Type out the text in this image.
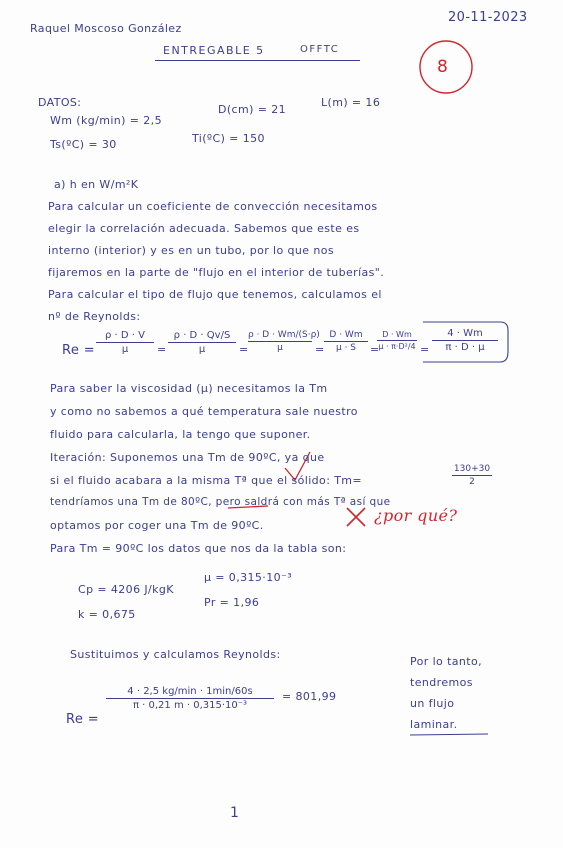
Raquel Moscoso González
20-11-2023
ENTREGABLE 5	OFFTC
8
DATOS:
Wm (kg/min) = 2,5
D(cm) = 21
L(m) = 16
Ts(ºC) = 30	Ti(ºC) = 150
a) h en W/m²K
Para calcular un coeficiente de convección necesitamos
elegir la correlación adecuada. Sabemos que este es
interno (interior) y es en un tubo, por lo que nos
fijaremos en la parte de "flujo en el interior de tuberías".
Para calcular el tipo de flujo que tenemos, calculamos el
nº de Reynolds:
Re =
ρ · D · V
μ	=
ρ · D · Qv/S
μ	=
ρ · D · Wm/(S·ρ)
μ	=
D · Wm
μ · S	=
D · Wm
μ · π·D²/4 =
4 · Wm
π · D · μ
Para saber la viscosidad (μ) necesitamos la Tm
y como no sabemos a qué temperatura sale nuestro
fluido para calcularla, la tengo que suponer.
Iteración: Suponemos una Tm de 90ºC, ya que
si el fluido acabara a la misma Tª que el sólido: Tm=
130+30
2
tendríamos una Tm de 80ºC, pero saldrá con más Tª así que
optamos por coger una Tm de 90ºC.
¿por qué?
Para Tm = 90ºC los datos que nos da la tabla son:
Cp = 4206 J/kgK
k = 0,675
μ = 0,315·10⁻³
Pr = 1,96
Sustituimos y calculamos Reynolds:
Re =
4 · 2,5 kg/min · 1min/60s
π · 0,21 m · 0,315·10⁻³
= 801,99
Por lo tanto,
tendremos
un flujo
laminar.
1
